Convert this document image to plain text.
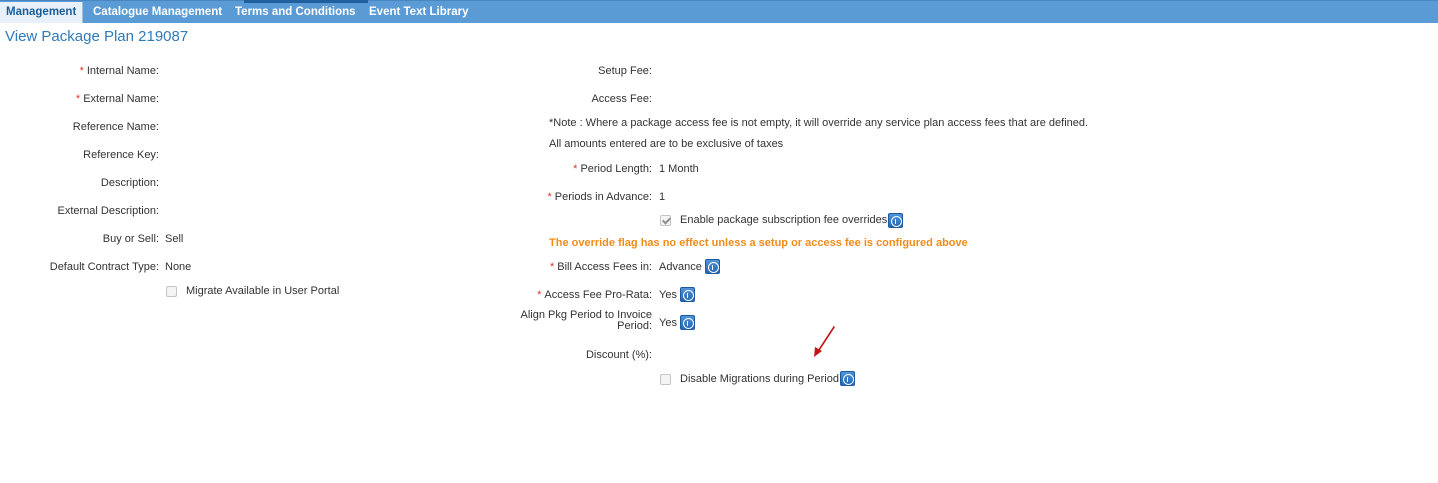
Management	Catalogue Management	Terms and Conditions	Event Text Library
View Package Plan 219087
* Internal Name:
* External Name:
Reference Name:
Reference Key:
Description:
External Description:
Buy or Sell: Sell
Default Contract Type: None
Migrate Available in User Portal
Setup Fee:
Access Fee:
*Note : Where a package access fee is not empty, it will override any service plan access fees that are defined.
All amounts entered are to be exclusive of taxes
* Period Length: 1 Month
* Periods in Advance: 1
Enable package subscription fee overrides
The override flag has no effect unless a setup or access fee is configured above
* Bill Access Fees in: Advance
* Access Fee Pro-Rata: Yes
Align Pkg Period to Invoice
Period: Yes
Discount (%):
Disable Migrations during Period
